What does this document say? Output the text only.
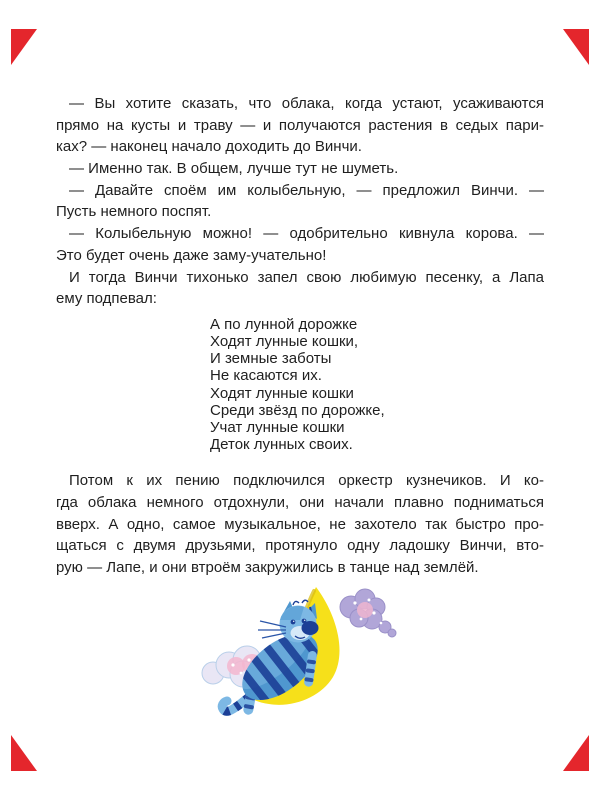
— Вы хотите сказать, что облака, когда устают, усаживаются
прямо на кусты и траву — и получаются растения в седых пари-
ках? — наконец начало доходить до Винчи.
— Именно так. В общем, лучше тут не шуметь.
— Давайте споём им колыбельную, — предложил Винчи. —
Пусть немного поспят.
— Колыбельную можно! — одобрительно кивнула корова. —
Это будет очень даже заму-учательно!
И тогда Винчи тихонько запел свою любимую песенку, а Лапа
ему подпевал:
А по лунной дорожке
Ходят лунные кошки,
И земные заботы
Не касаются их.
Ходят лунные кошки
Среди звёзд по дорожке,
Учат лунные кошки
Деток лунных своих.
Потом к их пению подключился оркестр кузнечиков. И ко-
гда облака немного отдохнули, они начали плавно подниматься
вверх. А одно, самое музыкальное, не захотело так быстро про-
щаться с двумя друзьями, протянуло одну ладошку Винчи, вто-
рую — Лапе, и они втроём закружились в танце над землёй.
